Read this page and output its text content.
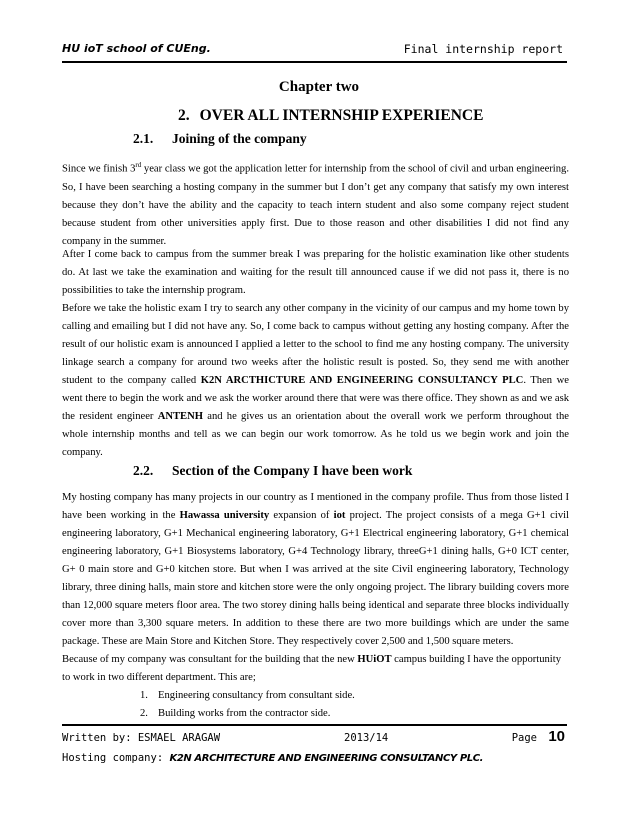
HU ioT school of CUEng.	Final internship report
Chapter two
2. OVER ALL INTERNSHIP EXPERIENCE
2.1. Joining of the company

Since we finish 3rd year class we got the application letter for internship from the school of civil and urban engineering. So, I have been searching a hosting company in the summer but I don’t get any company that satisfy my own interest because they don’t have the ability and the capacity to teach intern student and also some company reject student because student from other universities apply first. Due to those reason and other disabilities I did not find any company in the summer.

After I come back to campus from the summer break I was preparing for the holistic examination like other students do. At last we take the examination and waiting for the result till announced cause if we did not pass it, there is no possibilities to take the internship program.

Before we take the holistic exam I try to search any other company in the vicinity of our campus and my home town by calling and emailing but I did not have any. So, I come back to campus without getting any hosting company. After the result of our holistic exam is announced I applied a letter to the school to find me any hosting company. The university linkage search a company for around two weeks after the holistic result is posted. So, they send me with another student to the company called K2N ARCTHICTURE AND ENGINEERING CONSULTANCY PLC. Then we went there to begin the work and we ask the worker around there that were was there office. They shown as and we ask the resident engineer ANTENH and he gives us an orientation about the overall work we perform throughout the whole internship months and tell as we can begin our work tomorrow. As he told us we begin work and join the company.

2.2. Section of the Company I have been work

My hosting company has many projects in our country as I mentioned in the company profile. Thus from those listed I have been working in the Hawassa university expansion of iot project. The project consists of a mega G+1 civil engineering laboratory, G+1 Mechanical engineering laboratory, G+1 Electrical engineering laboratory, G+1 chemical engineering laboratory, G+1 Biosystems laboratory, G+4 Technology library, threeG+1 dining halls, G+0 ICT center, G+ 0 main store and G+0 kitchen store. But when I was arrived at the site Civil engineering laboratory, Technology library, three dining halls, main store and kitchen store were the only ongoing project. The library building covers more than 12,000 square meters floor area. The two storey dining halls being identical and separate three blocks individually cover more than 3,300 square meters. In addition to these there are two more buildings which are under the same package. These are Main Store and Kitchen Store. They respectively cover 2,500 and 1,500 square meters.

Because of my company was consultant for the building that the new HUiOT campus building I have the opportunity to work in two different department. This are;

1. Engineering consultancy from consultant side.
2. Building works from the contractor side.
Written by: ESMAEL ARAGAW	2013/14	Page 10
Hosting company: K2N ARCHITECTURE AND ENGINEERING CONSULTANCY PLC.
